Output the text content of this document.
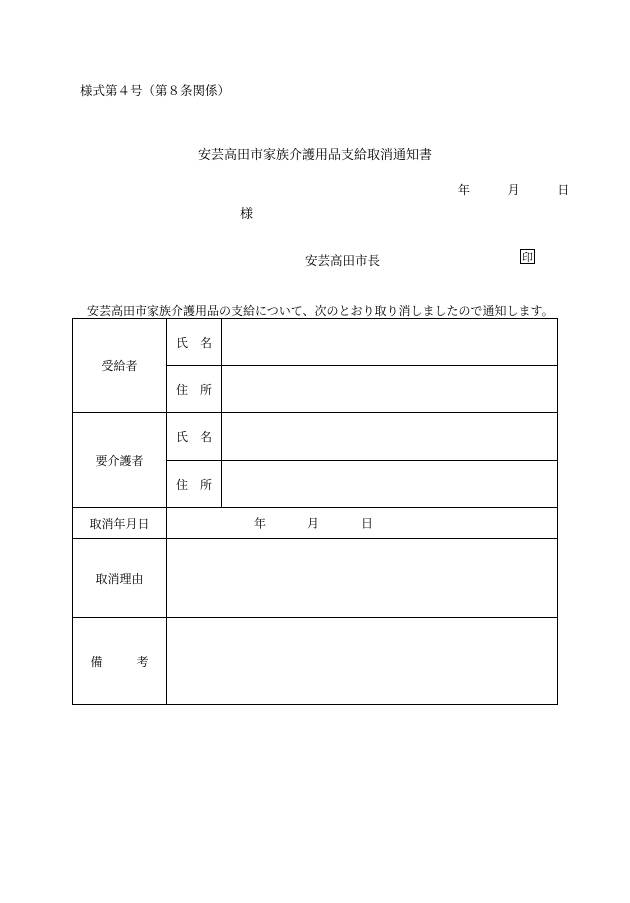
様式第４号（第８条関係）
安芸高田市家族介護用品支給取消通知書
年	月	日
様
安芸高田市長	印
安芸高田市家族介護用品の支給について、次のとおり取り消しましたので通知します。
受給者	氏　名	
	住　所	
要介護者	氏　名	
	住　所	
取消年月日	年 月 日	

取消理由		
備 考		
